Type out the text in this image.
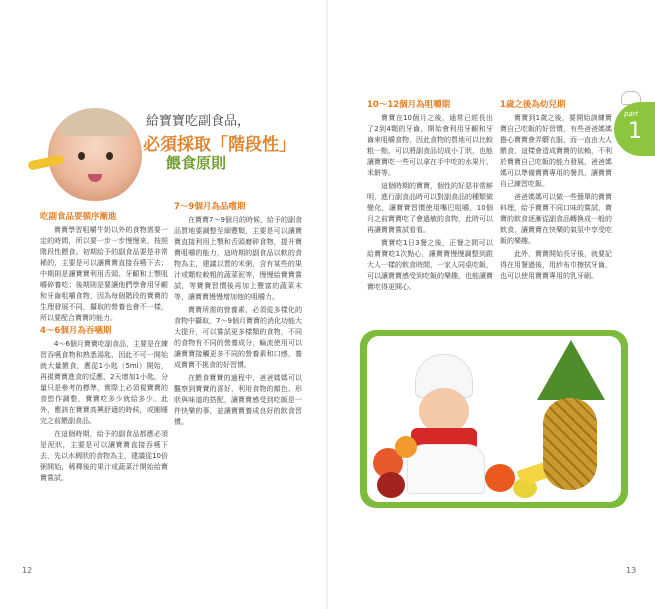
給寶寶吃副食品，
必須採取「階段性」
餵食原則

吃副食品要循序漸進

寶寶學習咀嚼牛奶以外的食物需要一定的時間，所以要一步一步慢慢來，按照階段性餵食。初期給予的副食品要是非常稀的，主要是可以讓寶寶直接吞嚥下去；中期則是讓寶寶利用舌頭、牙齦和上顎咀嚼碎養吃；後期則是要讓他們學會用牙齦和牙齒咀嚼食物，因為每個階段的寶寶的生理發展不同，攝取的營養也會不一樣，所以要配合寶寶的能力。

4～6個月為吞嚥期

4～6個月寶寶吃副食品，主要是在練習吞嚥食物和熟悉湯匙，因此不可一開始就大量餵食，應從1小匙（5ml）開始，再視寶寶進食的反應，2天增加1小匙，分量只是參考的標準，實際上必須視寶寶的食慾作調整，寶寶吃多少就給多少。此外，應該在寶寶高興舒適的時候，或剛睡完之前餵副食品。

在這個時期，給予的副食品都應必須是泥狀，主要是可以讓寶寶直接吞嚥下去，先以水稠狀的食物為主，建議從10倍粥開始，稀釋後的果汁或蔬菜汁開始給寶寶嘗試。

7～9個月為品嚐期

在寶寶7～9個月的時候，給予的副食品質地要調整至細豐類，主要是可以讓寶寶直接利用上顎和舌頭磨碎食物，提升寶寶咀嚼的能力，這時期的副食品以軟的食物為主，建議以質的米粥，含有某些的果汁或顆粒較粗的蔬菜泥等，慢慢給寶寶嘗試，等寶寶習慣後再加上豐富的蔬菜末等，讓寶寶慢慢增加他的咀嚼力。

寶寶所需的營養素，必須從多樣化的食物中攝取，7～9個月寶寶的消化功能大大提升，可以嘗試更多樣類的食物，不同的食物有不同的營養成分，輪流使用可以讓寶寶接觸更多不同的營養素和口感，養成寶寶不挑食的好習慣。

在餵食寶寶的過程中，爸爸媽媽可以觀察到寶寶的喜好，利用食物的顏色、形狀與味道的搭配，讓寶寶感受到吃飯是一件快樂的事，並讓寶寶養成良好的飲食習慣。

12

10～12個月為咀嚼期

寶寶在10個月之後，通常已經長出了2到4顆的牙齒，開始會利用牙齦和牙齒來咀嚼食物，因此食物的質地可以比較粗一點，可以將副食品切成小丁狀，也能讓寶寶吃一些可以拿在手中吃的水果片、米餅等。

這個時期的寶寶，個性的好惡非常鮮明，進行副食品時可以對副食品的種類做變化，讓寶寶習慣使用嘴巴咀嚼，10個月之前寶寶吃了會過敏的食物，此時可以再讓寶寶嘗試看看。

寶寶吃1日3餐之後，正餐之間可以給寶寶吃1次點心，讓寶寶慢慢調整到跟大人一樣的飲食時間，一家人同桌吃飯，可以讓寶寶感受到吃飯的樂趣，也能讓寶寶吃得更開心。

1歲之後為幼兒期

寶寶到1歲之後，要開始訓練寶寶自己吃飯的好習慣，有些爸爸媽媽擔心寶寶會弄髒衣服，而一直由大人餵食，這樣會造成寶寶的依賴，不利於寶寶自己吃飯的能力發展，爸爸媽媽可以準備寶寶專用的餐具，讓寶寶自己練習吃飯。

爸爸媽媽可以做一些簡單的寶寶料理，給予寶寶不同口味的嘗試，寶寶的飲食逐漸從副食品轉換成一般的飲食，讓寶寶在快樂的氣氛中享受吃飯的樂趣。

此外，寶寶開始長牙後，就要記得在用餐過後，用紗布巾擦拭牙齒，也可以使用寶寶專用的乳牙刷。

part
1
13
